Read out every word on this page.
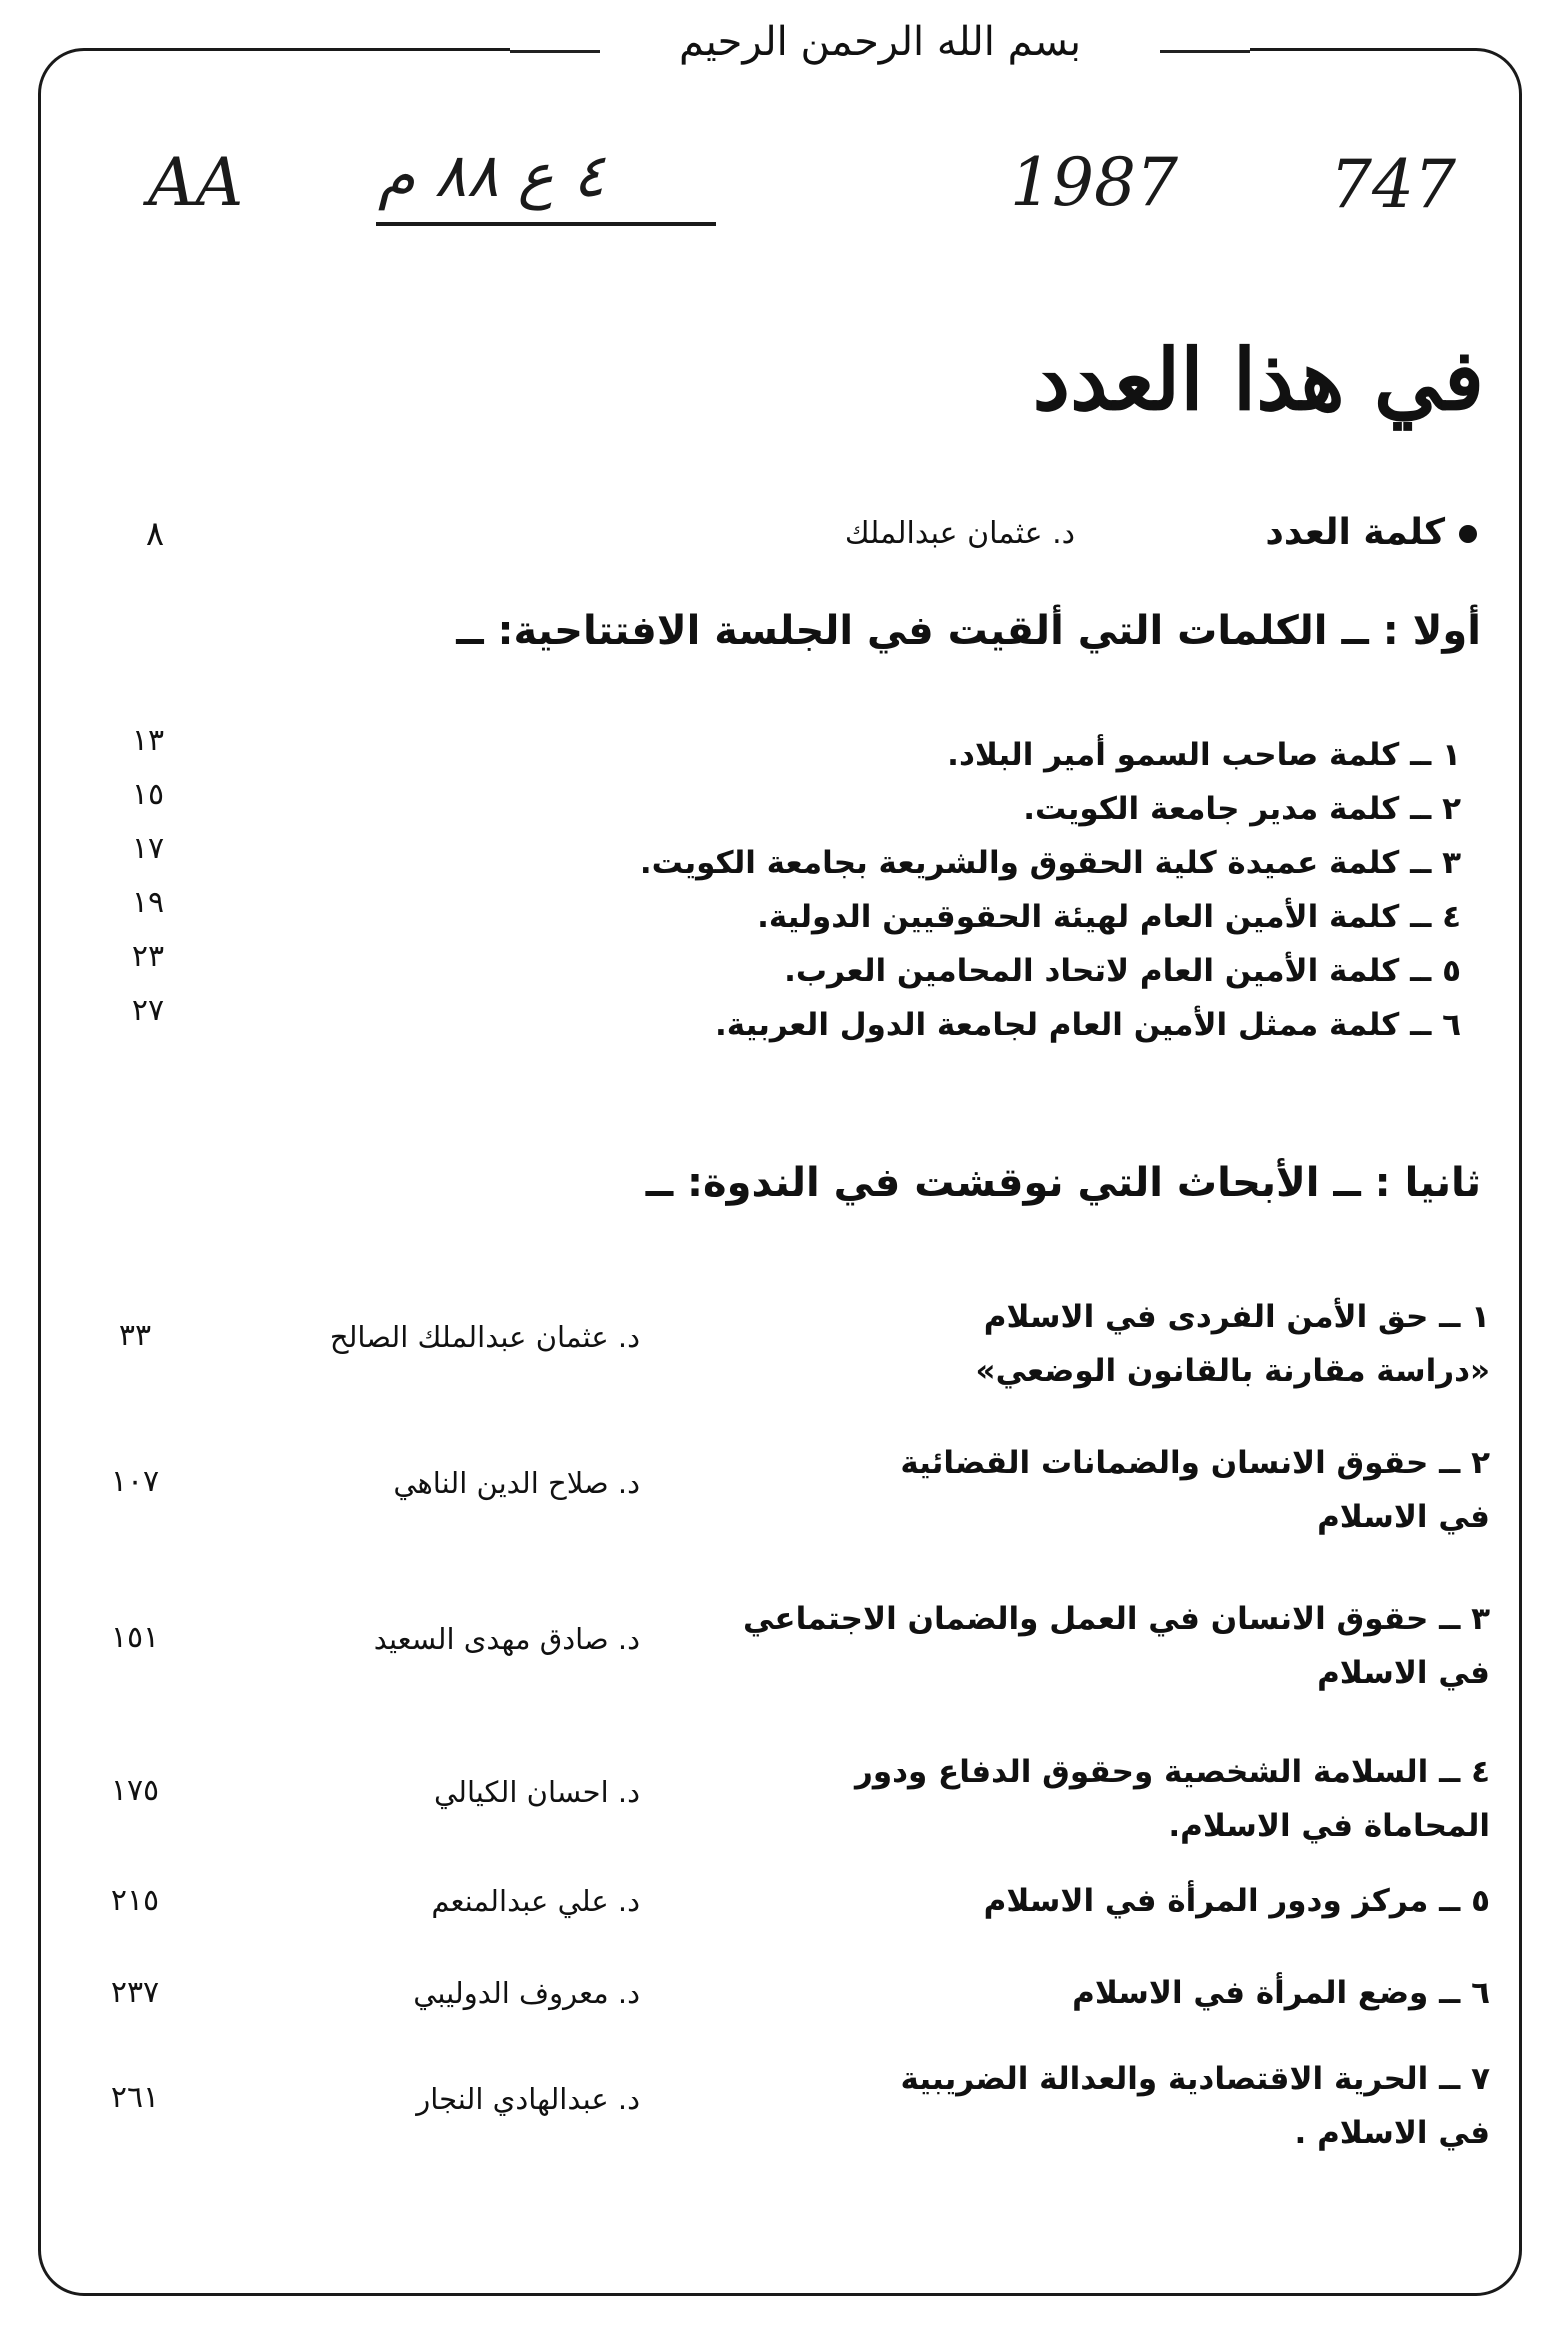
بسم الله الرحمن الرحيم
AA ٤ ع ٨٨ م	1987 747
في هذا العدد
كلمة العدد
د. عثمان عبدالملك
٨
أولا : ــ الكلمات التي ألقيت في الجلسة الافتتاحية: ــ
١ ــ كلمة صاحب السمو أمير البلاد.
٢ ــ كلمة مدير جامعة الكويت.
٣ ــ كلمة عميدة كلية الحقوق والشريعة بجامعة الكويت.
٤ ــ كلمة الأمين العام لهيئة الحقوقيين الدولية.
٥ ــ كلمة الأمين العام لاتحاد المحامين العرب.
٦ ــ كلمة ممثل الأمين العام لجامعة الدول العربية.
١٣
١٥
١٧
١٩
٢٣
٢٧
ثانيا : ــ الأبحاث التي نوقشت في الندوة: ــ
١ ــ حق الأمن الفردى في الاسلام
«دراسة مقارنة بالقانون الوضعي»
د. عثمان عبدالملك الصالح
٣٣
٢ ــ حقوق الانسان والضمانات القضائية
في الاسلام
د. صلاح الدين الناهي
١٠٧
٣ ــ حقوق الانسان في العمل والضمان الاجتماعي
في الاسلام
د. صادق مهدى السعيد
١٥١
٤ ــ السلامة الشخصية وحقوق الدفاع ودور
المحاماة في الاسلام.
د. احسان الكيالي
١٧٥
٥ ــ مركز ودور المرأة في الاسلام
د. علي عبدالمنعم
٢١٥
٦ ــ وضع المرأة في الاسلام
د. معروف الدوليبي
٢٣٧
٧ ــ الحرية الاقتصادية والعدالة الضريبية
في الاسلام .
د. عبدالهادي النجار
٢٦١
